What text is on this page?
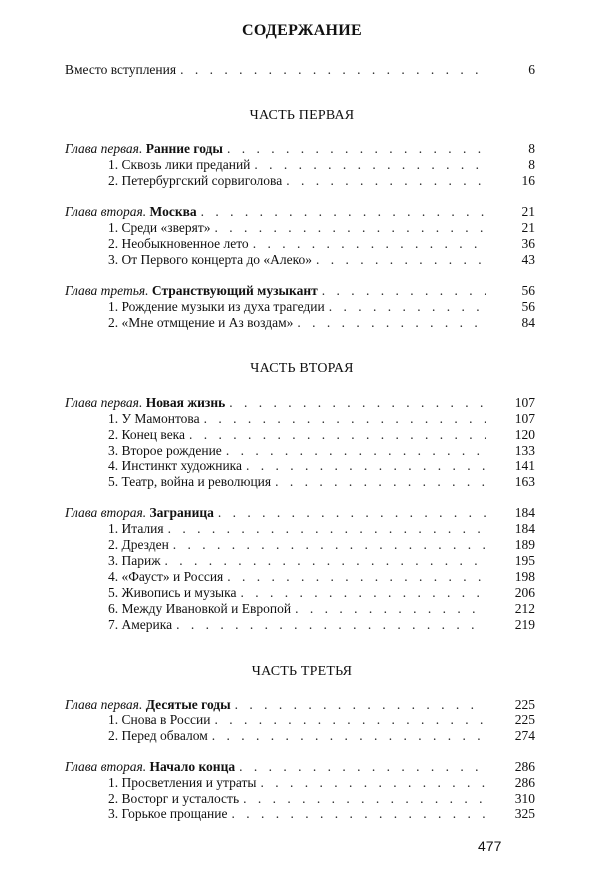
СОДЕРЖАНИЕ
Вместо вступления . . .	6
ЧАСТЬ ПЕРВАЯ
Глава первая. Ранние годы . . .	8
1. Сквозь лики преданий . . .	8
2. Петербургский сорвиголова . . .	16
Глава вторая. Москва . . .	21
1. Среди «зверят» . . .	21
2. Необыкновенное лето . . .	36
3. От Первого концерта до «Алеко» . . .	43
Глава третья. Странствующий музыкант . . .	56
1. Рождение музыки из духа трагедии . . .	56
2. «Мне отмщение и Аз воздам» . . .	84
ЧАСТЬ ВТОРАЯ
Глава первая. Новая жизнь . . .	107
1. У Мамонтова . . .	107
2. Конец века . . .	120
3. Второе рождение . . .	133
4. Инстинкт художника . . .	141
5. Театр, война и революция . . .	163
Глава вторая. Заграница . . .	184
1. Италия . . .	184
2. Дрезден . . .	189
3. Париж . . .	195
4. «Фауст» и Россия . . .	198
5. Живопись и музыка . . .	206
6. Между Ивановкой и Европой . . .	212
7. Америка . . .	219
ЧАСТЬ ТРЕТЬЯ
Глава первая. Десятые годы . . .	225
1. Снова в России . . .	225
2. Перед обвалом . . .	274
Глава вторая. Начало конца . . .	286
1. Просветления и утраты . . .	286
2. Восторг и усталость . . .	310
3. Горькое прощание . . .	325
477
